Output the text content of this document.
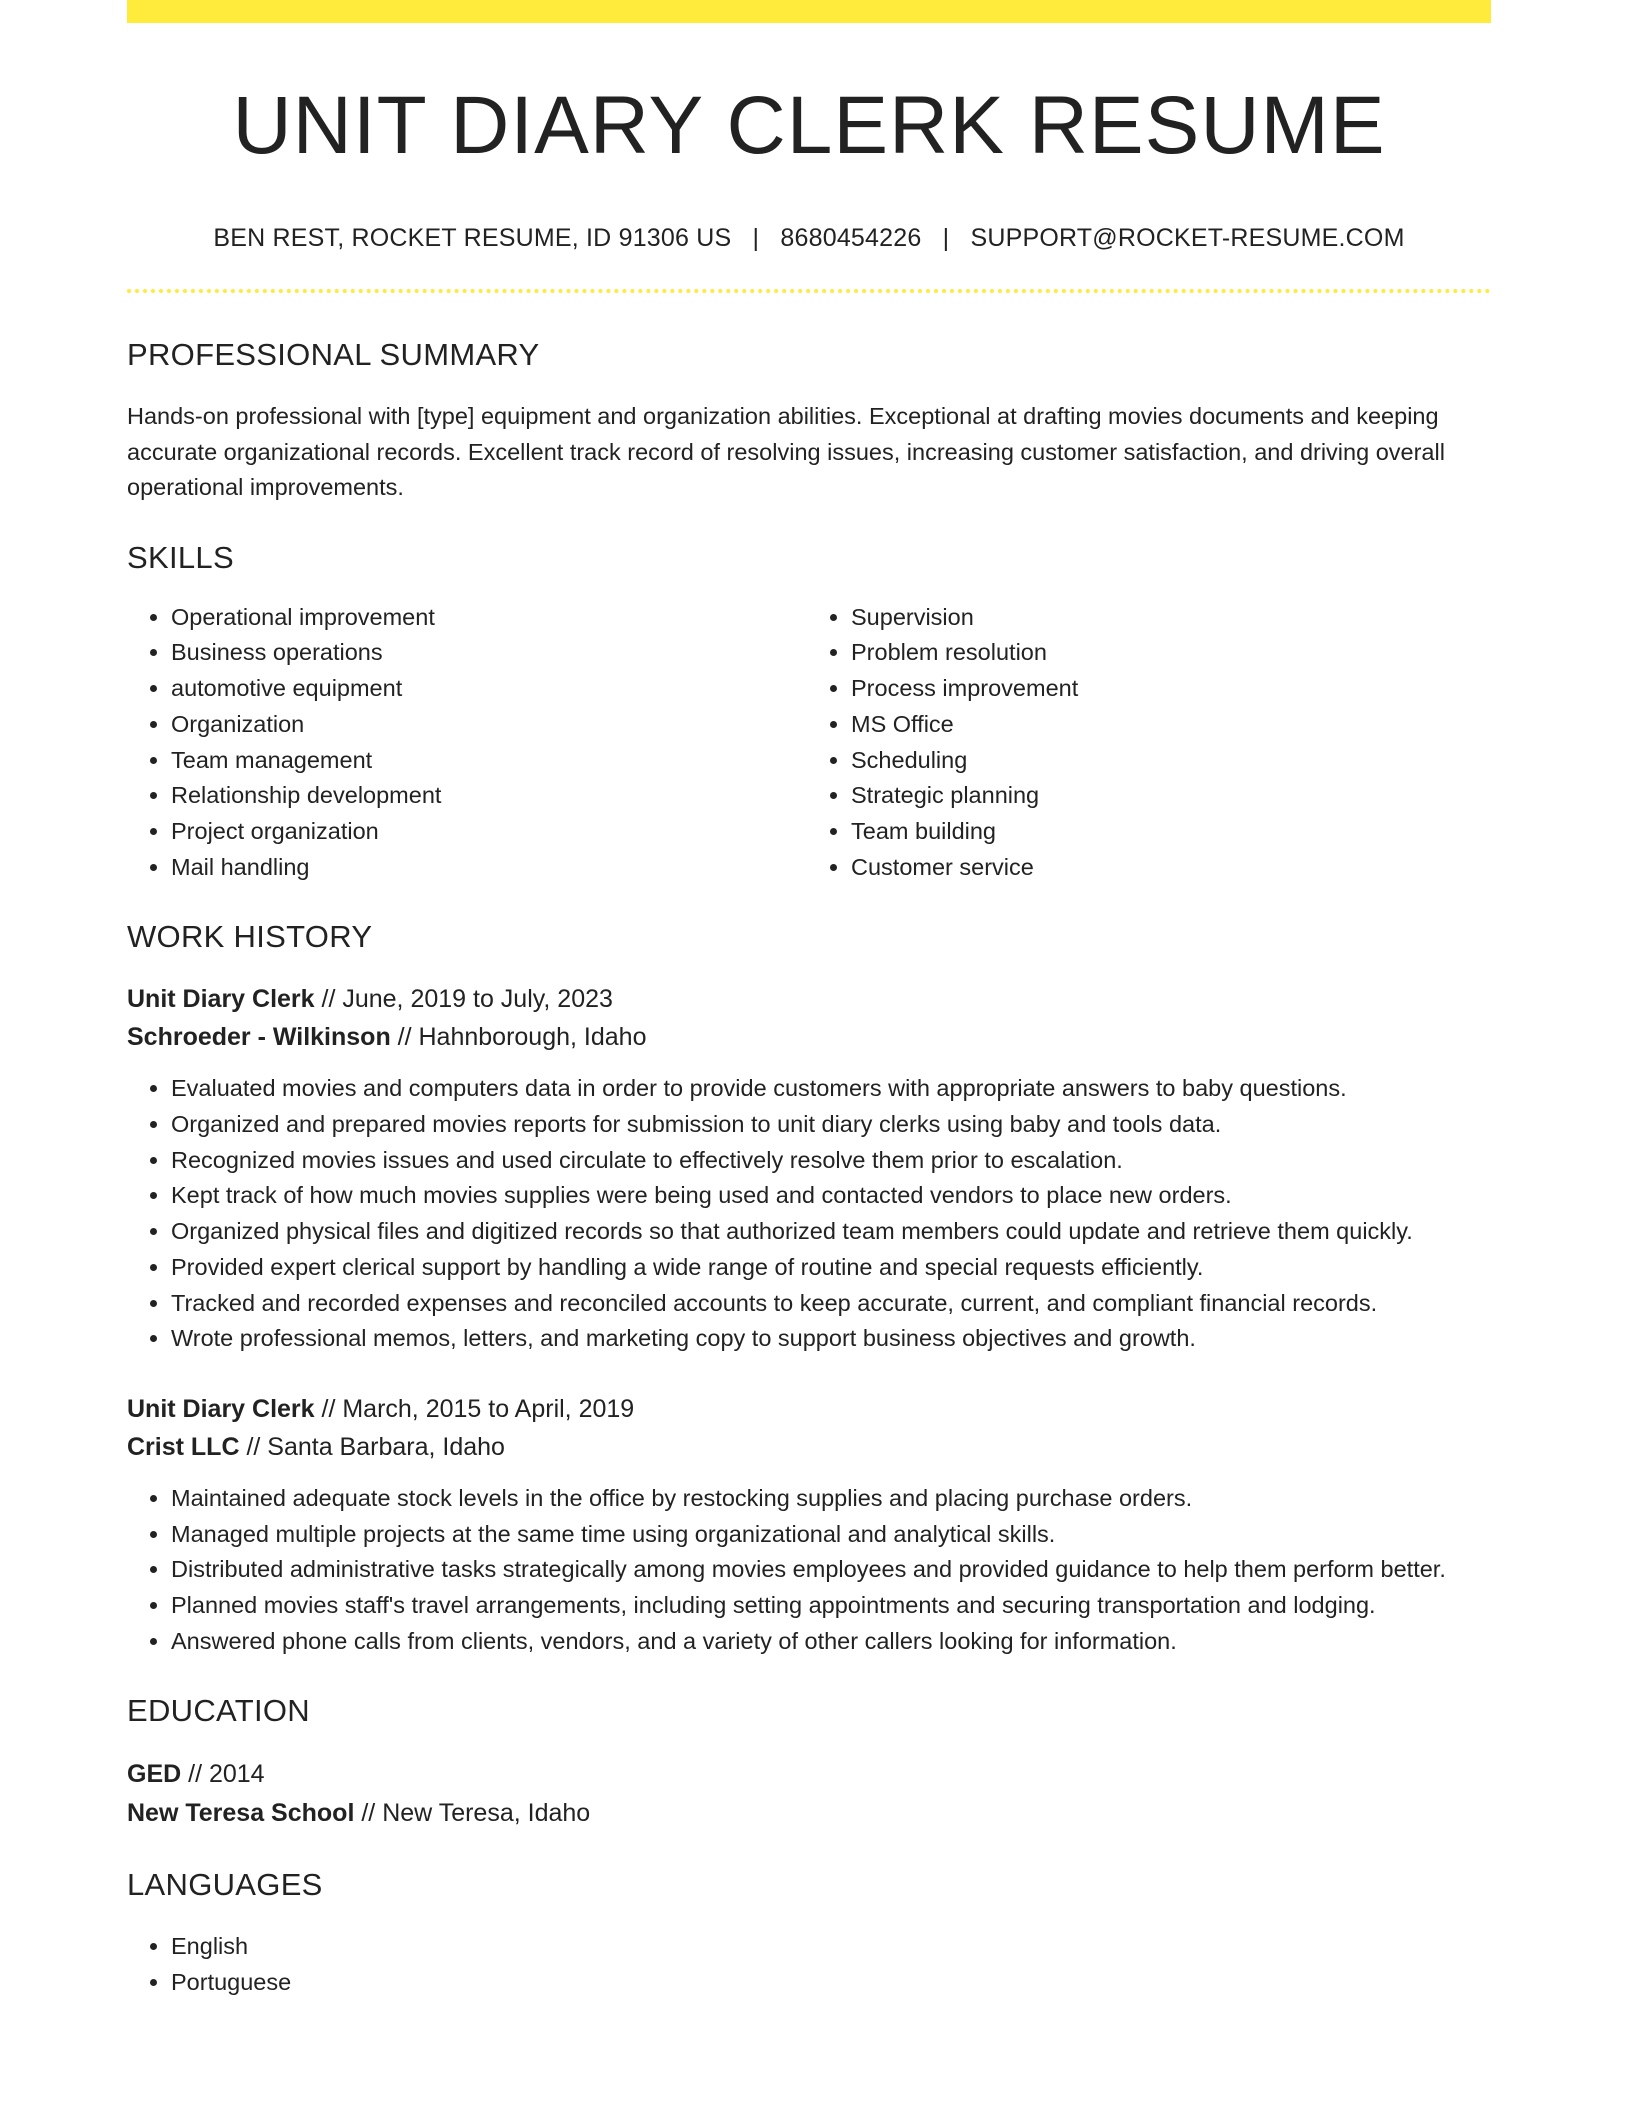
UNIT DIARY CLERK RESUME
BEN REST, ROCKET RESUME, ID 91306 US | 8680454226 | SUPPORT@ROCKET-RESUME.COM
PROFESSIONAL SUMMARY

Hands-on professional with [type] equipment and organization abilities. Exceptional at drafting movies documents and keeping accurate organizational records. Excellent track record of resolving issues, increasing customer satisfaction, and driving overall operational improvements.

SKILLS
• Operational improvement
• Business operations
• automotive equipment
• Organization
• Team management
• Relationship development
• Project organization
• Mail handling
• Supervision
• Problem resolution
• Process improvement
• MS Office
• Scheduling
• Strategic planning
• Team building
• Customer service
WORK HISTORY
Unit Diary Clerk // June, 2019 to July, 2023
Schroeder - Wilkinson // Hahnborough, Idaho
• Evaluated movies and computers data in order to provide customers with appropriate answers to baby questions.
• Organized and prepared movies reports for submission to unit diary clerks using baby and tools data.
• Recognized movies issues and used circulate to effectively resolve them prior to escalation.
• Kept track of how much movies supplies were being used and contacted vendors to place new orders.
• Organized physical files and digitized records so that authorized team members could update and retrieve them quickly.
• Provided expert clerical support by handling a wide range of routine and special requests efficiently.
• Tracked and recorded expenses and reconciled accounts to keep accurate, current, and compliant financial records.
• Wrote professional memos, letters, and marketing copy to support business objectives and growth.
Unit Diary Clerk // March, 2015 to April, 2019
Crist LLC // Santa Barbara, Idaho
• Maintained adequate stock levels in the office by restocking supplies and placing purchase orders.
• Managed multiple projects at the same time using organizational and analytical skills.
• Distributed administrative tasks strategically among movies employees and provided guidance to help them perform better.
• Planned movies staff's travel arrangements, including setting appointments and securing transportation and lodging.
• Answered phone calls from clients, vendors, and a variety of other callers looking for information.
EDUCATION
GED // 2014
New Teresa School // New Teresa, Idaho
LANGUAGES
• English
• Portuguese
